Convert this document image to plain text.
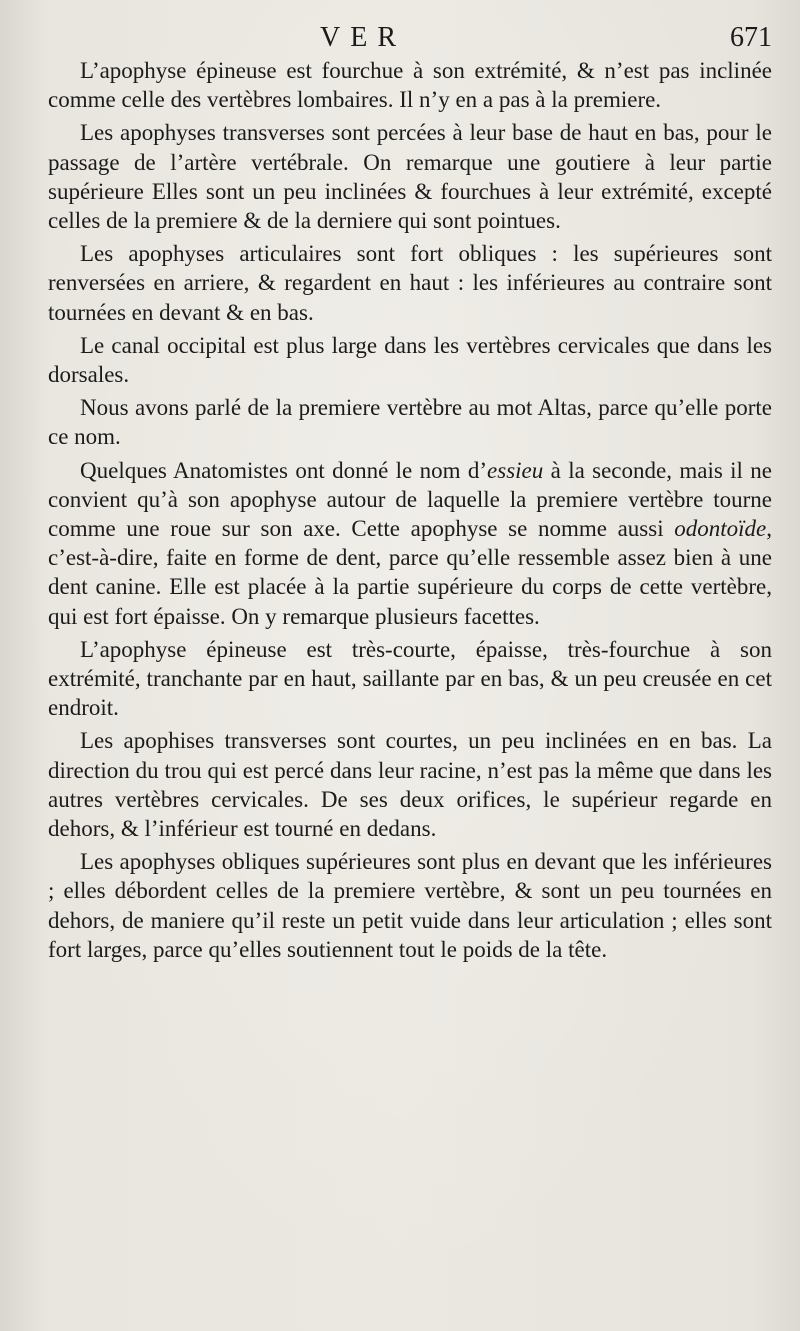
VER	671

L’apophyse épineuse est fourchue à son extrémité, & n’est pas inclinée comme celle des vertèbres lombaires. Il n’y en a pas à la premiere.

Les apophyses transverses sont percées à leur base de haut en bas, pour le passage de l’artère vertébrale. On remarque une goutiere à leur partie supérieure Elles sont un peu inclinées & fourchues à leur extrémité, excepté celles de la premiere & de la derniere qui sont pointues.

Les apophyses articulaires sont fort obliques : les supérieures sont renversées en arriere, & regardent en haut : les inférieures au contraire sont tournées en devant & en bas.

Le canal occipital est plus large dans les vertèbres cervicales que dans les dorsales.

Nous avons parlé de la premiere vertèbre au mot Altas, parce qu’elle porte ce nom.

Quelques Anatomistes ont donné le nom d’essieu à la seconde, mais il ne convient qu’à son apophyse autour de laquelle la premiere vertèbre tourne comme une roue sur son axe. Cette apophyse se nomme aussi odontoïde, c’est-à-dire, faite en forme de dent, parce qu’elle ressemble assez bien à une dent canine. Elle est placée à la partie supérieure du corps de cette vertèbre, qui est fort épaisse. On y remarque plusieurs facettes.

L’apophyse épineuse est très-courte, épaisse, très-fourchue à son extrémité, tranchante par en haut, saillante par en bas, & un peu creusée en cet endroit.

Les apophises transverses sont courtes, un peu inclinées en en bas. La direction du trou qui est percé dans leur racine, n’est pas la même que dans les autres vertèbres cervicales. De ses deux orifices, le supérieur regarde en dehors, & l’inférieur est tourné en dedans.

Les apophyses obliques supérieures sont plus en devant que les inférieures ; elles débordent celles de la premiere vertèbre, & sont un peu tournées en dehors, de maniere qu’il reste un petit vuide dans leur articulation ; elles sont fort larges, parce qu’elles soutiennent tout le poids de la tête.
